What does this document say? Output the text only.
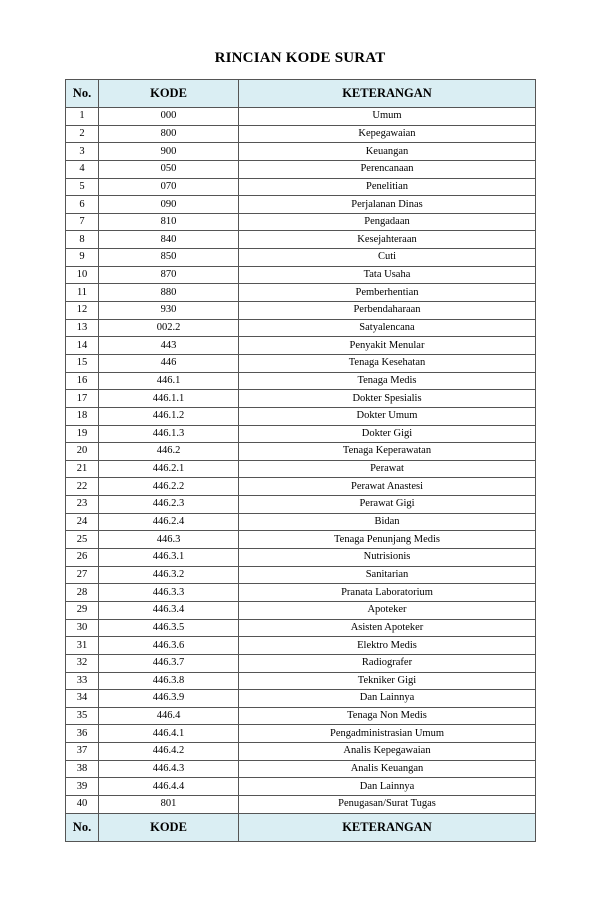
RINCIAN KODE SURAT
No.	KODE	KETERANGAN
1	000	Umum
2	800	Kepegawaian
3	900	Keuangan
4	050	Perencanaan
5	070	Penelitian
6	090	Perjalanan Dinas
7	810	Pengadaan
8	840	Kesejahteraan
9	850	Cuti
10	870	Tata Usaha
11	880	Pemberhentian
12	930	Perbendaharaan
13	002.2	Satyalencana
14	443	Penyakit Menular
15	446	Tenaga Kesehatan
16	446.1	Tenaga Medis
17	446.1.1	Dokter Spesialis
18	446.1.2	Dokter Umum
19	446.1.3	Dokter Gigi
20	446.2	Tenaga Keperawatan
21	446.2.1	Perawat
22	446.2.2	Perawat Anastesi
23	446.2.3	Perawat Gigi
24	446.2.4	Bidan
25	446.3	Tenaga Penunjang Medis
26	446.3.1	Nutrisionis
27	446.3.2	Sanitarian
28	446.3.3	Pranata Laboratorium
29	446.3.4	Apoteker
30	446.3.5	Asisten Apoteker
31	446.3.6	Elektro Medis
32	446.3.7	Radiografer
33	446.3.8	Tekniker Gigi
34	446.3.9	Dan Lainnya
35	446.4	Tenaga Non Medis
36	446.4.1	Pengadministrasian Umum
37	446.4.2	Analis Kepegawaian
38	446.4.3	Analis Keuangan
39	446.4.4	Dan Lainnya
40	801	Penugasan/Surat Tugas
No.	KODE	KETERANGAN
